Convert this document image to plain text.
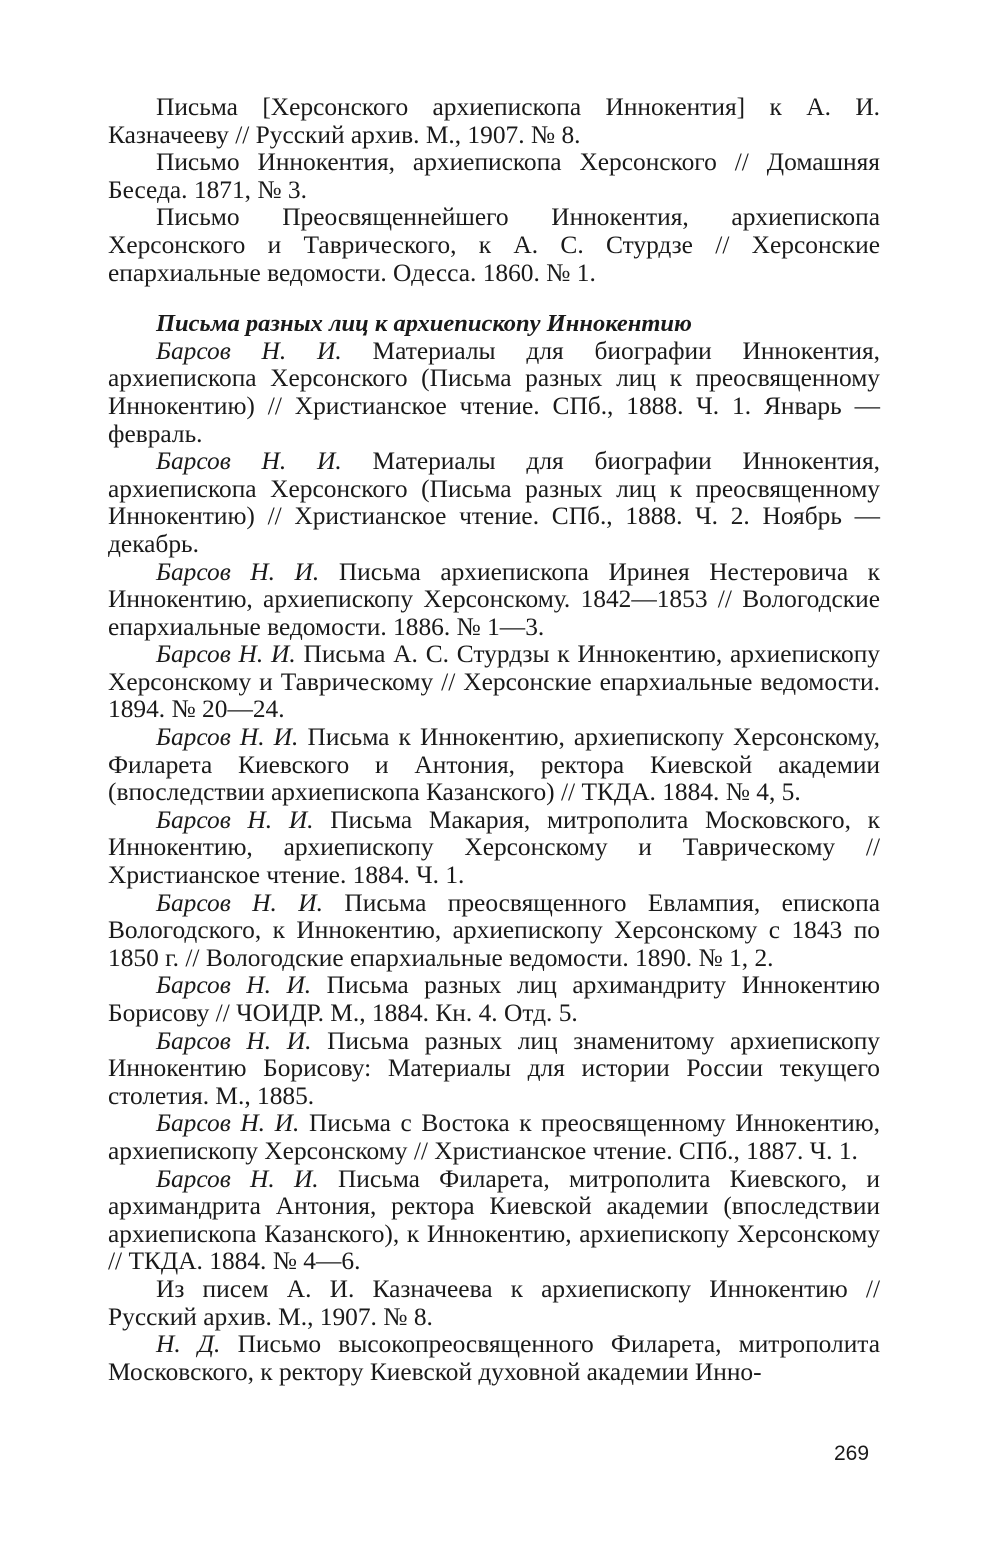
Письма [Херсонского архиепископа Иннокентия] к А. И. Казначееву // Русский архив. М., 1907. № 8.

Письмо Иннокентия, архиепископа Херсонского // Домашняя Беседа. 1871, № 3.

Письмо Преосвященнейшего Иннокентия, архиепископа Херсонского и Таврического, к А. С. Стурдзе // Херсонские епархиальные ведомости. Одесса. 1860. № 1.

Письма разных лиц к архиепископу Иннокентию

Барсов Н. И. Материалы для биографии Иннокентия, архиепископа Херсонского (Письма разных лиц к преосвященному Иннокентию) // Христианское чтение. СПб., 1888. Ч. 1. Январь — февраль.

Барсов Н. И. Материалы для биографии Иннокентия, архиепископа Херсонского (Письма разных лиц к преосвященному Иннокентию) // Христианское чтение. СПб., 1888. Ч. 2. Ноябрь — декабрь.

Барсов Н. И. Письма архиепископа Иринея Нестеровича к Иннокентию, архиепископу Херсонскому. 1842—1853 // Вологодские епархиальные ведомости. 1886. № 1—3.

Барсов Н. И. Письма А. С. Стурдзы к Иннокентию, архиепископу Херсонскому и Таврическому // Херсонские епархиальные ведомости. 1894. № 20—24.

Барсов Н. И. Письма к Иннокентию, архиепископу Херсонскому, Филарета Киевского и Антония, ректора Киевской академии (впоследствии архиепископа Казанского) // ТКДА. 1884. № 4, 5.

Барсов Н. И. Письма Макария, митрополита Московского, к Иннокентию, архиепископу Херсонскому и Таврическому // Христианское чтение. 1884. Ч. 1.

Барсов Н. И. Письма преосвященного Евлампия, епископа Вологодского, к Иннокентию, архиепископу Херсонскому с 1843 по 1850 г. // Вологодские епархиальные ведомости. 1890. № 1, 2.

Барсов Н. И. Письма разных лиц архимандриту Иннокентию Борисову // ЧОИДР. М., 1884. Кн. 4. Отд. 5.

Барсов Н. И. Письма разных лиц знаменитому архиепископу Иннокентию Борисову: Материалы для истории России текущего столетия. М., 1885.

Барсов Н. И. Письма с Востока к преосвященному Иннокентию, архиепископу Херсонскому // Христианское чтение. СПб., 1887. Ч. 1.

Барсов Н. И. Письма Филарета, митрополита Киевского, и архимандрита Антония, ректора Киевской академии (впоследствии архиепископа Казанского), к Иннокентию, архиепископу Херсонскому // ТКДА. 1884. № 4—6.

Из писем А. И. Казначеева к архиепископу Иннокентию // Русский архив. М., 1907. № 8.

Н. Д. Письмо высокопреосвященного Филарета, митрополита Московского, к ректору Киевской духовной академии Инно-

269
